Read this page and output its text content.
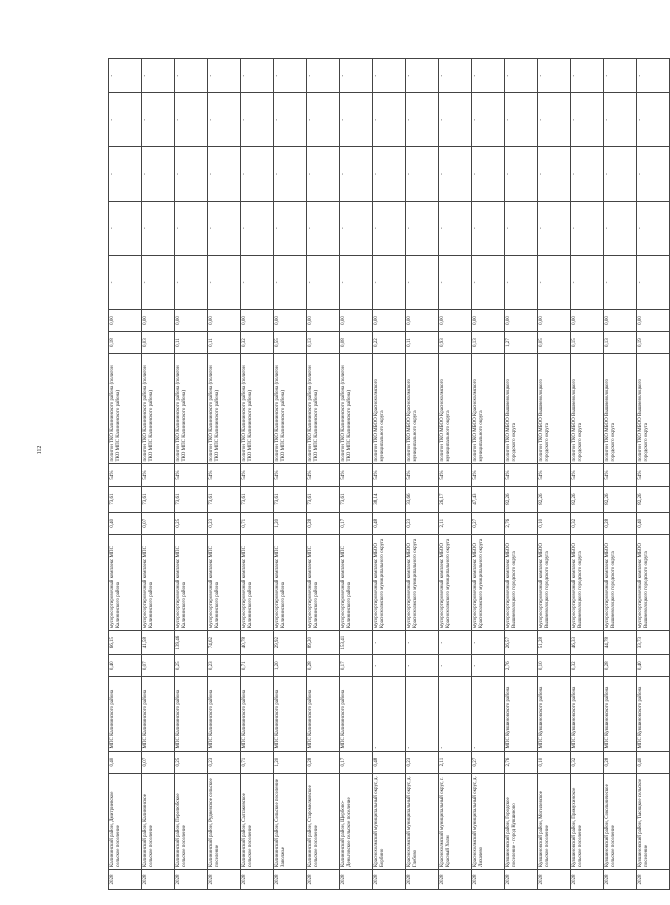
112
2028	Калининский район, Дмитриевское сельское поселение	0,40	МПС Калининского района	0,40	66,15	мусоросортировочный комплекс МПС Калининского района	0,40	73,61	54%	полигон ТКО Калининского района (полигон ТКО МПС Калининского района)	0,18	0,00	-	-	-	-	-
2028	Калининский район, Калининское сельское поселение	0,07	МПС Калининского района	0,07	41,58	мусоросортировочный комплекс МПС Калининского района	0,07	73,61	54%	полигон ТКО Калининского района (полигон ТКО МПС Калининского района)	0,03	0,00	-	-	-	-	-
2028	Калининский район, Перелюбское сельское поселение	0,25	МПС Калининского района	0,25	139,46	мусоросортировочный комплекс МПС Калининского района	0,25	73,61	54%	полигон ТКО Калининского района (полигон ТКО МПС Калининского района)	0,11	0,00	-	-	-	-	-
2028	Калининский район, Рудневское сельское поселение	0,23	МПС Калининского района	0,23	74,62	мусоросортировочный комплекс МПС Калининского района	0,23	73,61	54%	полигон ТКО Калининского района (полигон ТКО МПС Калининского района)	0,11	0,00	-	-	-	-	-
2028	Калининский район, Салтаковское сельское поселение	0,71	МПС Калининского района	0,71	40,78	мусоросортировочный комплекс МПС Калининского района	0,71	73,61	54%	полигон ТКО Калининского района (полигон ТКО МПС Калининского района)	0,32	0,00	-	-	-	-	-
2028	Калининский район, Сельское поселение Заволжье	1,20	МПС Калининского района	1,20	29,92	мусоросортировочный комплекс МПС Калининского района	1,20	73,61	54%	полигон ТКО Калининского района (полигон ТКО МПС Калининского района)	0,55	0,00	-	-	-	-	-
2028	Калининский район, Старомелковское сельское поселение	0,28	МПС Калининского района	0,28	89,20	мусоросортировочный комплекс МПС Калининского района	0,28	73,61	54%	полигон ТКО Калининского района (полигон ТКО МПС Калининского района)	0,13	0,00	-	-	-	-	-
2028	Калининский район, Щербово-Деньговское сельское поселение	0,17	МПС Калининского района	0,17	153,41	мусоросортировочный комплекс МПС Калининского района	0,17	73,61	54%	полигон ТКО Калининского района (полигон ТКО МПС Калининского района)	0,08	0,00	-	-	-	-	-
2028	Краснохолмский муниципальный округ, д. Борбино	0,48	-	-	-	мусоросортировочный комплекс МБОО Краснохолмского муниципального округа	0,48	38,14	54%	полигон ТКО МБОО Краснохолмского муниципального округа	0,22	0,00	-	-	-	-	-
2028	Краснохолмский муниципальный округ, д. Глебово	0,23	-	-	-	мусоросортировочный комплекс МБОО Краснохолмского муниципального округа	0,23	33,66	54%	полигон ТКО МБОО Краснохолмского муниципального округа	0,11	0,00	-	-	-	-	-
2028	Краснохолмский муниципальный округ, г. Красный Холм	2,11	-	-	-	мусоросортировочный комплекс МБОО Краснохолмского муниципального округа	2,11	26,17	54%	полигон ТКО МБОО Краснохолмского муниципального округа	0,93	0,00	-	-	-	-	-
2028	Краснохолмский муниципальный округ, д. Лихачево	0,27	-	-	-	мусоросортировочный комплекс МБОО Краснохолмского муниципального округа	0,27	47,43	54%	полигон ТКО МБОО Краснохолмского муниципального округа	0,13	0,00	-	-	-	-	-
2028	Кувшиновский район, Городское поселение - город Кувшиново	2,76	МПС Кувшиновского района	2,76	26,57	мусоросортировочный комплекс МБОО Вышневолоцкого городского округа	2,76	82,26	54%	полигон ТКО МБОО Вышневолоцкого городского округа	1,27	0,00	-	-	-	-	-
2028	Кувшиновский район, Могилевское сельское поселение	0,10	МПС Кувшиновского района	0,10	51,28	мусоросортировочный комплекс МБОО Вышневолоцкого городского округа	0,10	82,26	54%	полигон ТКО МБОО Вышневолоцкого городского округа	0,05	0,00	-	-	-	-	-
2028	Кувшиновский район, Прямухинское сельское поселение	0,32	МПС Кувшиновского района	0,32	46,33	мусоросортировочный комплекс МБОО Вышневолоцкого городского округа	0,32	82,26	54%	полигон ТКО МБОО Вышневолоцкого городского округа	0,15	0,00	-	-	-	-	-
2028	Кувшиновский район, Сокольническое сельское поселение	0,28	МПС Кувшиновского района	0,28	44,78	мусоросортировочный комплекс МБОО Вышневолоцкого городского округа	0,28	82,26	54%	полигон ТКО МБОО Вышневолоцкого городского округа	0,13	0,00	-	-	-	-	-
2028	Кувшиновский район, Тысяцкое сельское поселение	0,40	МПС Кувшиновского района	0,40	33,73	мусоросортировочный комплекс МБОО Вышневолоцкого городского округа	0,40	82,26	54%	полигон ТКО МБОО Вышневолоцкого городского округа	0,19	0,00	-	-	-	-	-
